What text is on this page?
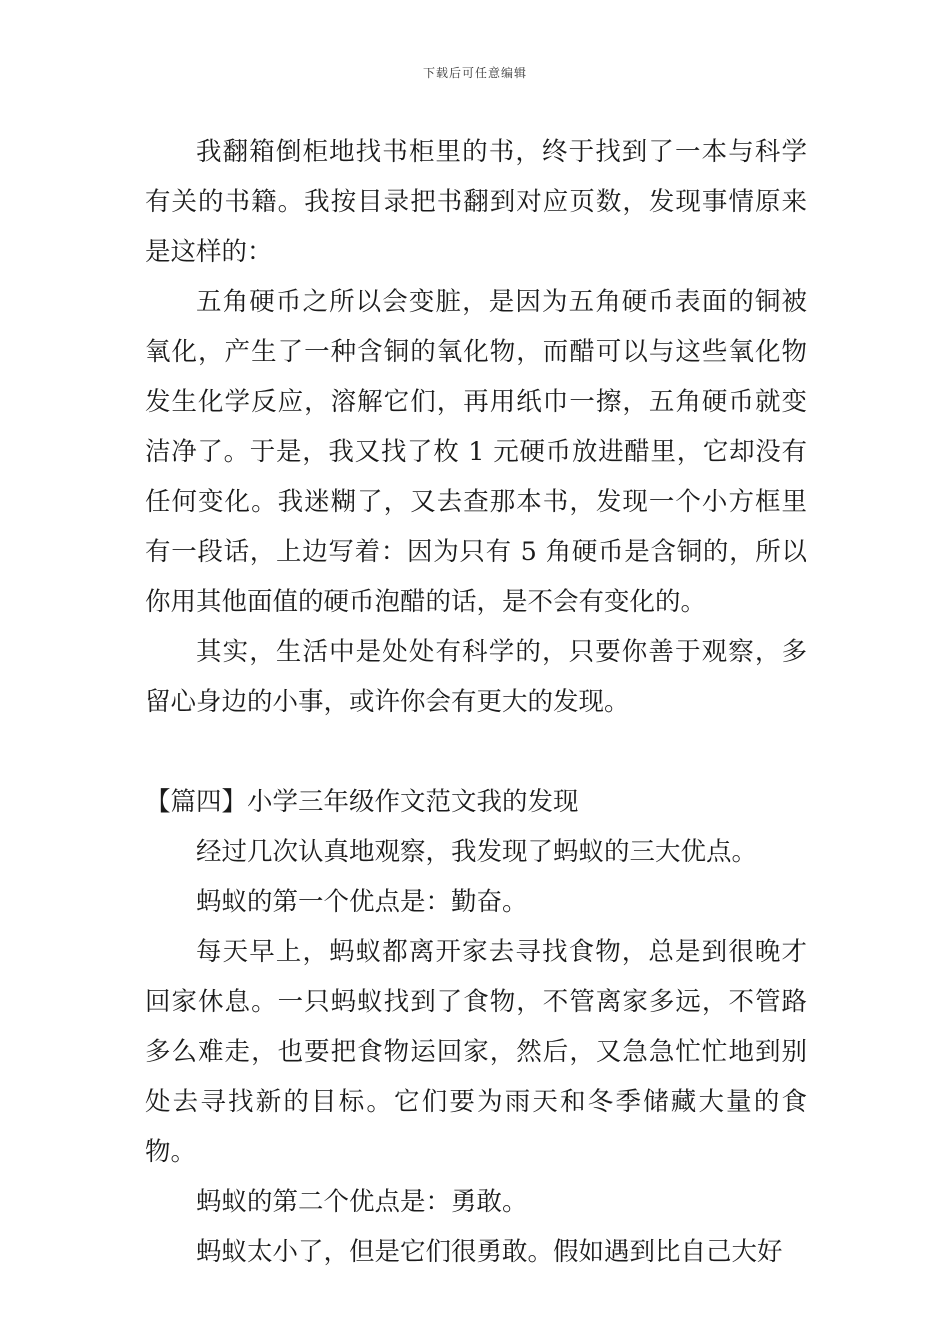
下载后可任意编辑

我翻箱倒柜地找书柜里的书，终于找到了一本与科学有关的书籍。我按目录把书翻到对应页数，发现事情原来是这样的：

五角硬币之所以会变脏，是因为五角硬币表面的铜被氧化，产生了一种含铜的氧化物，而醋可以与这些氧化物发生化学反应，溶解它们，再用纸巾一擦，五角硬币就变洁净了。于是，我又找了枚 1 元硬币放进醋里，它却没有任何变化。我迷糊了，又去查那本书，发现一个小方框里有一段话，上边写着：因为只有 5 角硬币是含铜的，所以你用其他面值的硬币泡醋的话，是不会有变化的。

其实，生活中是处处有科学的，只要你善于观察，多留心身边的小事，或许你会有更大的发现。

【篇四】小学三年级作文范文我的发现

经过几次认真地观察，我发现了蚂蚁的三大优点。

蚂蚁的第一个优点是：勤奋。

每天早上，蚂蚁都离开家去寻找食物，总是到很晚才回家休息。一只蚂蚁找到了食物，不管离家多远，不管路多么难走，也要把食物运回家，然后，又急急忙忙地到别处去寻找新的目标。它们要为雨天和冬季储藏大量的食物。

蚂蚁的第二个优点是：勇敢。

蚂蚁太小了，但是它们很勇敢。假如遇到比自己大好
